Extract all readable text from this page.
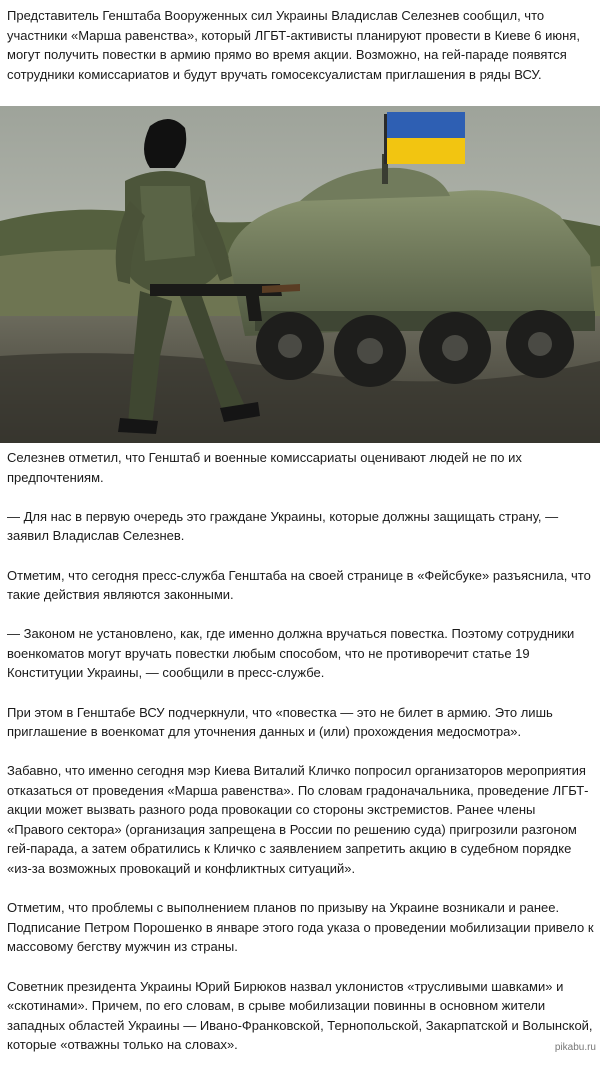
Представитель Генштаба Вооруженных сил Украины Владислав Селезнев сообщил, что участники «Марша равенства», который ЛГБТ-активисты планируют провести в Киеве 6 июня, могут получить повестки в армию прямо во время акции. Возможно, на гей-параде появятся сотрудники комиссариатов и будут вручать гомосексуалистам приглашения в ряды ВСУ.

Селезнев отметил, что Генштаб и военные комиссариаты оценивают людей не по их предпочтениям.

— Для нас в первую очередь это граждане Украины, которые должны защищать страну, — заявил Владислав Селезнев.

Отметим, что сегодня пресс-служба Генштаба на своей странице в «Фейсбуке» разъяснила, что такие действия являются законными.

— Законом не установлено, как, где именно должна вручаться повестка. Поэтому сотрудники военкоматов могут вручать повестки любым способом, что не противоречит статье 19 Конституции Украины, — сообщили в пресс-службе.

При этом в Генштабе ВСУ подчеркнули, что «повестка — это не билет в армию. Это лишь приглашение в военкомат для уточнения данных и (или) прохождения медосмотра».

Забавно, что именно сегодня мэр Киева Виталий Кличко попросил организаторов мероприятия отказаться от проведения «Марша равенства». По словам градоначальника, проведение ЛГБТ-акции может вызвать разного рода провокации со стороны экстремистов. Ранее члены «Правого сектора» (организация запрещена в России по решению суда) пригрозили разгоном гей-парада, а затем обратились к Кличко с заявлением запретить акцию в судебном порядке «из-за возможных провокаций и конфликтных ситуаций».

Отметим, что проблемы с выполнением планов по призыву на Украине возникали и ранее. Подписание Петром Порошенко в январе этого года указа о проведении мобилизации привело к массовому бегству мужчин из страны.

Советник президента Украины Юрий Бирюков назвал уклонистов «трусливыми шавками» и «скотинами». Причем, по его словам, в срыве мобилизации повинны в основном жители западных областей Украины — Ивано-Франковской, Тернопольской, Закарпатской и Волынской, которые «отважны только на словах».	pikabu.ru
